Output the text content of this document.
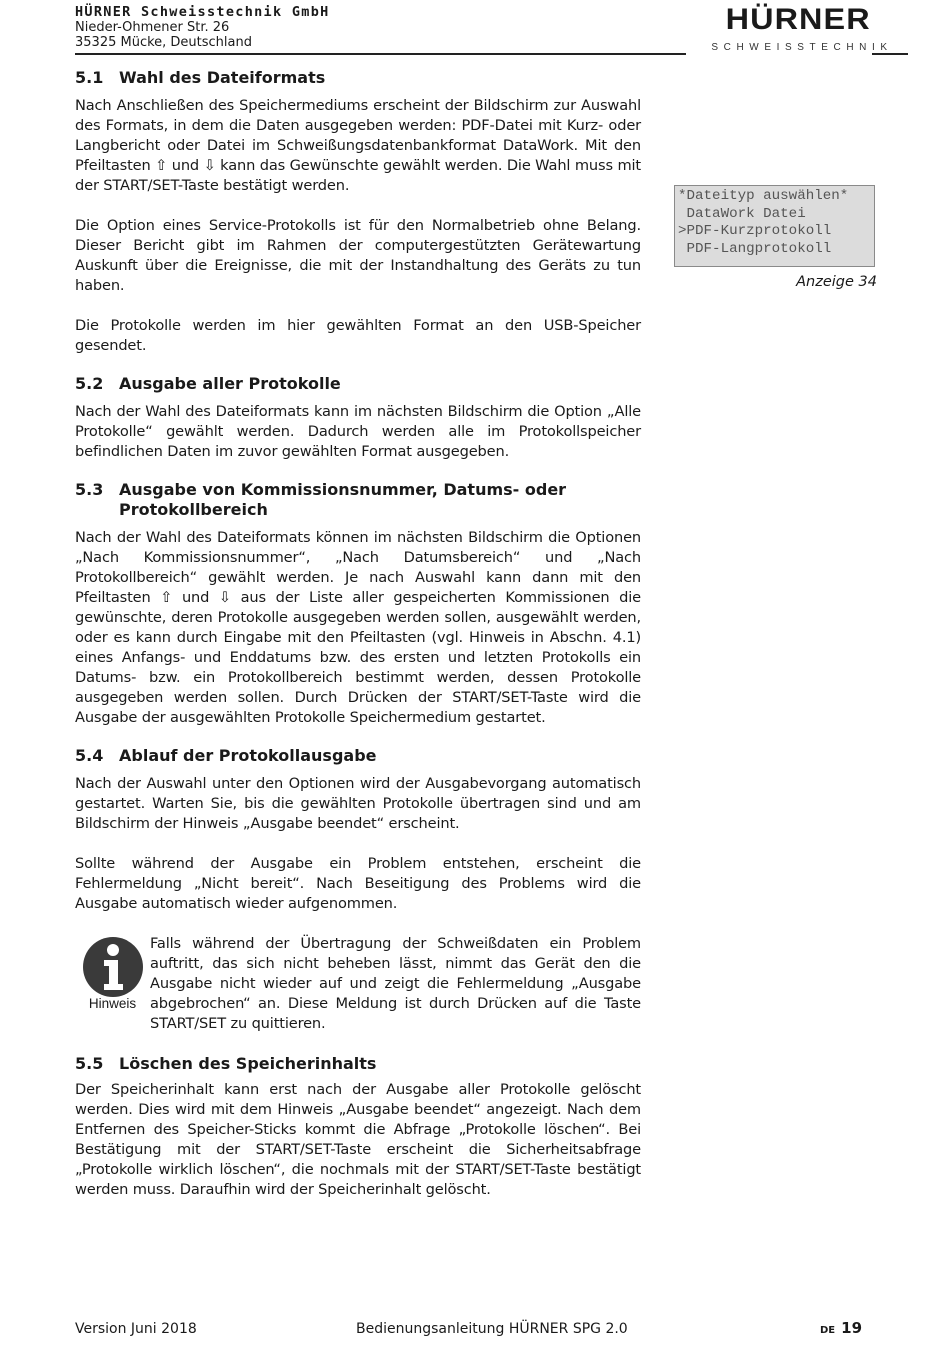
HÜRNER Schweisstechnik GmbH
Nieder-Ohmener Str. 26
35325 Mücke, Deutschland
HÜRNER
SCHWEISSTECHNIK
5.1 Wahl des Dateiformats

Nach Anschließen des Speichermediums erscheint der Bildschirm zur Auswahl des Formats, in dem die Daten ausgegeben werden: PDF-Datei mit Kurz- oder Langbericht oder Datei im Schweißungsdatenbankformat DataWork. Mit den Pfeiltasten ⇧ und ⇩ kann das Gewünschte gewählt werden. Die Wahl muss mit der START/SET-Taste bestätigt werden.

Die Option eines Service-Protokolls ist für den Normalbetrieb ohne Belang. Dieser Bericht gibt im Rahmen der computergestützten Gerätewartung Auskunft über die Ereignisse, die mit der Instandhaltung des Geräts zu tun haben.

Die Protokolle werden im hier gewählten Format an den USB-Speicher gesendet.

5.2 Ausgabe aller Protokolle

Nach der Wahl des Dateiformats kann im nächsten Bildschirm die Option „Alle Protokolle“ gewählt werden. Dadurch werden alle im Protokollspeicher befindlichen Daten im zuvor gewählten Format ausgegeben.

5.3 Ausgabe von Kommissionsnummer, Datums- oder Protokollbereich

Nach der Wahl des Dateiformats können im nächsten Bildschirm die Optionen „Nach Kommissionsnummer“, „Nach Datumsbereich“ und „Nach Protokollbereich“ gewählt werden. Je nach Auswahl kann dann mit den Pfeiltasten ⇧ und ⇩ aus der Liste aller gespeicherten Kommissionen die gewünschte, deren Protokolle ausgegeben werden sollen, ausgewählt werden, oder es kann durch Eingabe mit den Pfeiltasten (vgl. Hinweis in Abschn. 4.1) eines Anfangs- und Enddatums bzw. des ersten und letzten Protokolls ein Datums- bzw. ein Protokollbereich bestimmt werden, dessen Protokolle ausgegeben werden sollen. Durch Drücken der START/SET-Taste wird die Ausgabe der ausgewählten Protokolle Speichermedium gestartet.

5.4 Ablauf der Protokollausgabe

Nach der Auswahl unter den Optionen wird der Ausgabevorgang automatisch gestartet. Warten Sie, bis die gewählten Protokolle übertragen sind und am Bildschirm der Hinweis „Ausgabe beendet“ erscheint.

Sollte während der Ausgabe ein Problem entstehen, erscheint die Fehlermeldung „Nicht bereit“. Nach Beseitigung des Problems wird die Ausgabe automatisch wieder aufgenommen.

Hinweis

Falls während der Übertragung der Schweißdaten ein Problem auftritt, das sich nicht beheben lässt, nimmt das Gerät den die Ausgabe nicht wieder auf und zeigt die Fehlermeldung „Ausgabe abgebrochen“ an. Diese Meldung ist durch Drücken auf die Taste START/SET zu quittieren.

5.5 Löschen des Speicherinhalts

Der Speicherinhalt kann erst nach der Ausgabe aller Protokolle gelöscht werden. Dies wird mit dem Hinweis „Ausgabe beendet“ angezeigt. Nach dem Entfernen des Speicher-Sticks kommt die Abfrage „Protokolle löschen“. Bei Bestätigung mit der START/SET-Taste erscheint die Sicherheitsabfrage „Protokolle wirklich löschen“, die nochmals mit der START/SET-Taste bestätigt werden muss. Daraufhin wird der Speicherinhalt gelöscht.

*Dateityp auswählen*
DataWork Datei
>PDF-Kurzprotokoll
PDF-Langprotokoll
Anzeige 34
Version Juni 2018	Bedienungsanleitung HÜRNER SPG 2.0	DE 19
